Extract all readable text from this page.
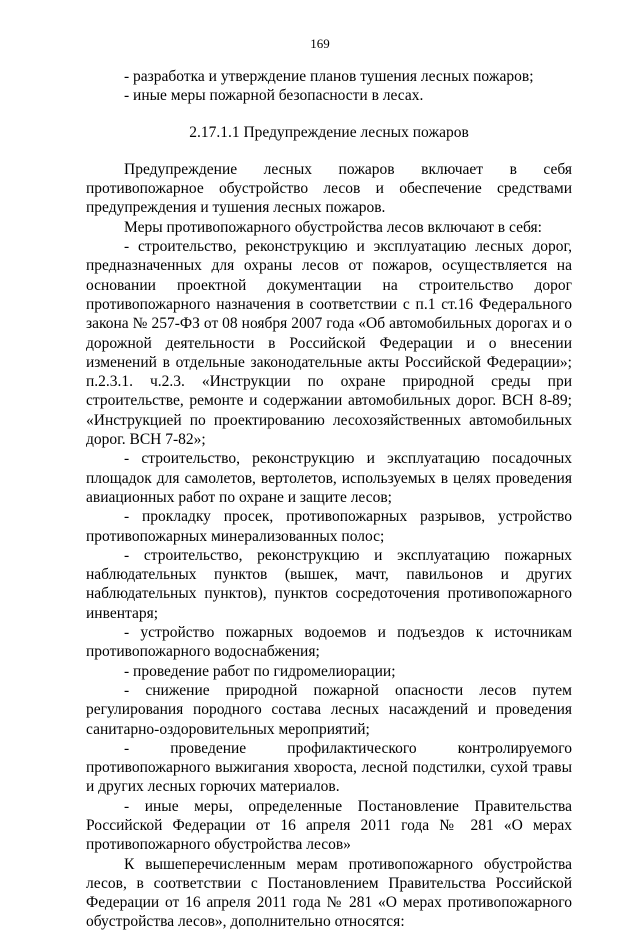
169

- разработка и утверждение планов тушения лесных пожаров;

- иные меры пожарной безопасности в лесах.

2.17.1.1 Предупреждение лесных пожаров

Предупреждение лесных пожаров включает в себя противопожарное обустройство лесов и обеспечение средствами предупреждения и тушения лесных пожаров.

Меры противопожарного обустройства лесов включают в себя:

- строительство, реконструкцию и эксплуатацию лесных дорог, предназначенных для охраны лесов от пожаров, осуществляется на основании проектной документации на строительство дорог противопожарного назначения в соответствии с п.1 ст.16 Федерального закона № 257-ФЗ от 08 ноября 2007 года «Об автомобильных дорогах и о дорожной деятельности в Российской Федерации и о внесении изменений в отдельные законодательные акты Российской Федерации»; п.2.3.1. ч.2.3. «Инструкции по охране природной среды при строительстве, ремонте и содержании автомобильных дорог. ВСН 8-89; «Инструкцией по проектированию лесохозяйственных автомобильных дорог. ВСН 7-82»;

- строительство, реконструкцию и эксплуатацию посадочных площадок для самолетов, вертолетов, используемых в целях проведения авиационных работ по охране и защите лесов;

- прокладку просек, противопожарных разрывов, устройство противопожарных минерализованных полос;

- строительство, реконструкцию и эксплуатацию пожарных наблюдательных пунктов (вышек, мачт, павильонов и других наблюдательных пунктов), пунктов сосредоточения противопожарного инвентаря;

- устройство пожарных водоемов и подъездов к источникам противопожарного водоснабжения;

- проведение работ по гидромелиорации;

- снижение природной пожарной опасности лесов путем регулирования породного состава лесных насаждений и проведения санитарно-оздоровительных мероприятий;

- проведение профилактического контролируемого противопожарного выжигания хвороста, лесной подстилки, сухой травы и других лесных горючих материалов.

- иные меры, определенные Постановление Правительства Российской Федерации от 16 апреля 2011 года № 281 «О мерах противопожарного обустройства лесов»

К вышеперечисленным мерам противопожарного обустройства лесов, в соответствии с Постановлением Правительства Российской Федерации от 16 апреля 2011 года № 281 «О мерах противопожарного обустройства лесов», дополнительно относятся:
